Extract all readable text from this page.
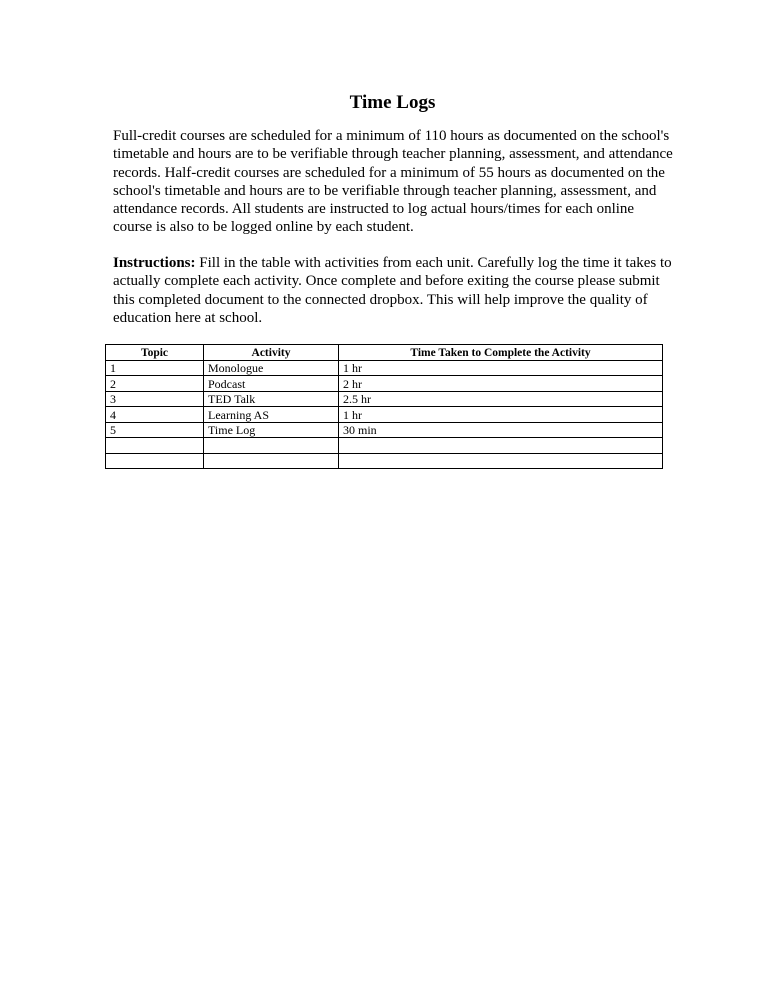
Time Logs

Full-credit courses are scheduled for a minimum of 110 hours as documented on the school's timetable and hours are to be verifiable through teacher planning, assessment, and attendance records. Half-credit courses are scheduled for a minimum of 55 hours as documented on the school's timetable and hours are to be verifiable through teacher planning, assessment, and attendance records. All students are instructed to log actual hours/times for each online course is also to be logged online by each student.

Instructions: Fill in the table with activities from each unit. Carefully log the time it takes to actually complete each activity. Once complete and before exiting the course please submit this completed document to the connected dropbox. This will help improve the quality of education here at school.

Topic	Activity	Time Taken to Complete the Activity
1	Monologue	1 hr
2	Podcast	2 hr
3	TED Talk	2.5 hr
4	Learning AS	1 hr
5	Time Log	30 min
